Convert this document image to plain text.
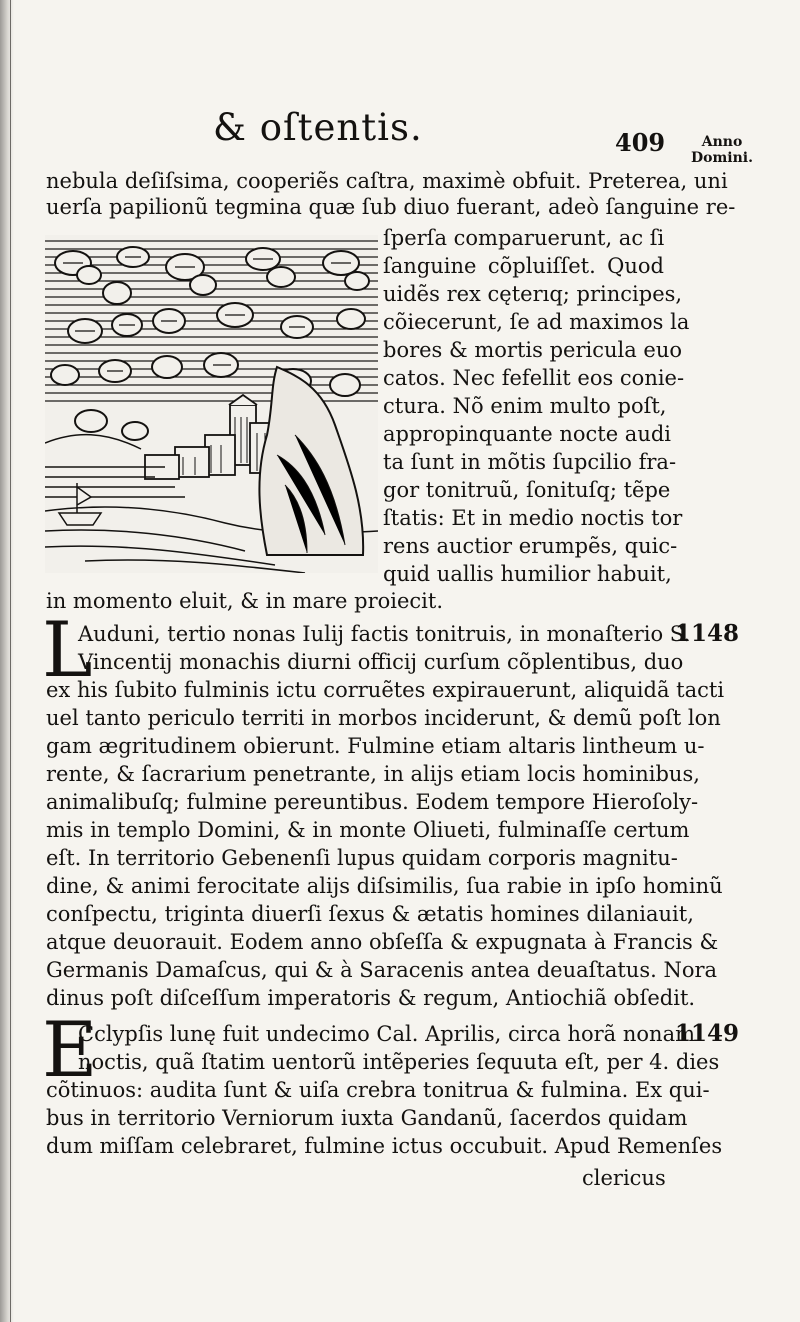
& oſtentis.	409	Anno Domini.
nebula deſiſsima, cooperiẽs caſtra, maximè obfuit. Preterea, uni
uerſa papilionũ tegmina quæ ſub diuo fuerant, adeò ſanguine re-
ſperſa comparuerunt, ac ſi
ſanguine cõpluiſſet. Quod
uidẽs rex cęterıq; principes,
cõiecerunt, ſe ad maximos la
bores & mortis pericula euo
catos. Nec fefellit eos conie-
ctura. Nõ enim multo poſt,
appropinquante nocte audi
ta ſunt in mõtis ſupcilio fra-
gor tonitruũ, ſonituſq; tẽpe
ſtatis: Et in medio noctis tor
rens auctior erumpẽs, quic-
quid uallis humilior habuit,
in momento eluit, & in mare proiecit.
L	1148
Auduni, tertio nonas Iulij factis tonitruis, in monaſterio S.
Vincentij monachis diurni officij curſum cõplentibus, duo
ex his ſubito fulminis ictu corruẽtes expirauerunt, aliquidã tacti
uel tanto periculo territi in morbos inciderunt, & demũ poſt lon
gam ægritudinem obierunt. Fulmine etiam altaris lintheum u-
rente, & ſacrarium penetrante, in alijs etiam locis hominibus,
animalibuſq; fulmine pereuntibus. Eodem tempore Hieroſoly-
mis in templo Domini, & in monte Oliueti, fulminaſſe certum
eſt. In territorio Gebenenſi lupus quidam corporis magnitu-
dine, & animi ferocitate alijs diſsimilis, ſua rabie in ipſo hominũ
conſpectu, triginta diuerſi ſexus & ætatis homines dilaniauit,
atque deuorauit. Eodem anno obſeſſa & expugnata à Francis &
Germanis Damaſcus, qui & à Saracenis antea deuaſtatus. Nora
dinus poſt diſceſſum imperatoris & regum, Antiochiã obſedit.
E	1149
Cclypſis lunę fuit undecimo Cal. Aprilis, circa horã nonam
noctis, quã ſtatim uentorũ intẽperies ſequuta eſt, per 4. dies
cõtinuos: audita ſunt & uiſa crebra tonitrua & fulmina. Ex qui-
bus in territorio Verniorum iuxta Gandanũ, ſacerdos quidam
dum miſſam celebraret, fulmine ictus occubuit. Apud Remenſes
clericus
